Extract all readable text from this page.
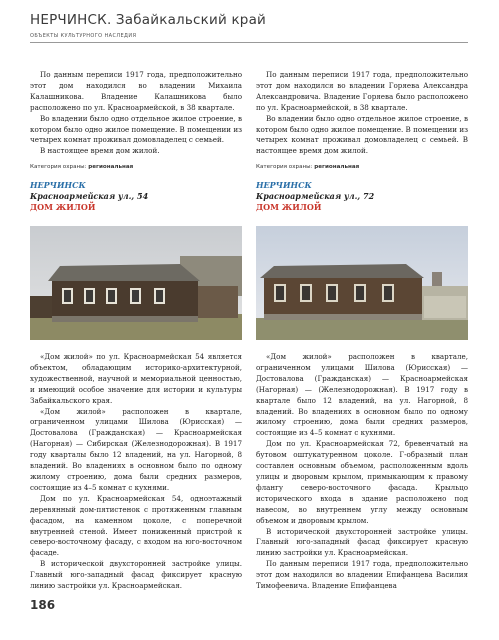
НЕРЧИНСК. Забайкальский край
ОБЪЕКТЫ КУЛЬТУРНОГО НАСЛЕДИЯ

По данным переписи 1917 года, предположительно этот дом находился во владении Михаила Калашникова. Владение Калашникова было расположено по ул. Красноармейской, в 38 квартале.

Во владении было одно отдельное жилое строение, в котором было одно жилое помещение. В помещении из четырех комнат проживал домовладелец с семьей.

В настоящее время дом жилой.

Категория охраны: региональная
НЕРЧИНСК
Красноармейская ул., 54
ДОМ ЖИЛОЙ

По данным переписи 1917 года, предположительно этот дом находился во владении Горяева Александра Александровича. Владение Горяева было расположено по ул. Красноармейской, в 38 квартале.

Во владении было одно отдельное жилое строение, в котором было одно жилое помещение. В помещении из четырех комнат проживал домовладелец с семьей. В настоящее время дом жилой.

Категория охраны: региональная
НЕРЧИНСК
Красноармейская ул., 72
ДОМ ЖИЛОЙ

«Дом жилой» по ул. Красноармейская 54 является объектом, обладающим историко-архитектурной, художественной, научной и мемориальной ценностью, и имеющий особое значение для истории и культуры Забайкальского края.

«Дом жилой» расположен в квартале, ограниченном улицами Шилова (Юрисская) — Достовалова (Гражданская) — Красноармейская (Нагорная) — Сибирская (Железнодорожная). В 1917 году кварталы было 12 владений, на ул. Нагорной, 8 владений. Во владениях в основном было по одному жилому строению, дома были средних размеров, состоящие из 4–5 комнат с кухнями.

Дом по ул. Красноармейская 54, одноэтажный деревянный дом-пятистенок с протяженным главным фасадом, на каменном цоколе, с поперечной внутренней стеной. Имеет пониженный пристрой к северо-восточному фасаду, с входом на юго-восточном фасаде.

В исторической двухсторонней застройке улицы. Главный юго-западный фасад фиксирует красную линию застройки ул. Красноармейская.

«Дом жилой» расположен в квартале, ограниченном улицами Шилова (Юрисская) — Достовалова (Гражданская) — Красноармейская (Нагорная) — (Железнодорожная). В 1917 году в квартале было 12 владений, на ул. Нагорной, 8 владений. Во владениях в основном было по одному жилому строению, дома были средних размеров, состоящие из 4–5 комнат с кухнями.

Дом по ул. Красноармейская 72, бревенчатый на бутовом оштукатуренном цоколе. Г-образный план составлен основным объемом, расположенным вдоль улицы и дворовым крылом, примыкающим к правому флангу северо-восточного фасада. Крыльцо исторического входа в здание расположено под навесом, во внутреннем углу между основным объемом и дворовым крылом.

В исторической двухсторонней застройке улицы. Главный юго-западный фасад фиксирует красную линию застройки ул. Красноармейская.

По данным переписи 1917 года, предположительно этот дом находился во владении Епифанцева Василия Тимофеевича. Владение Епифанцева

186
